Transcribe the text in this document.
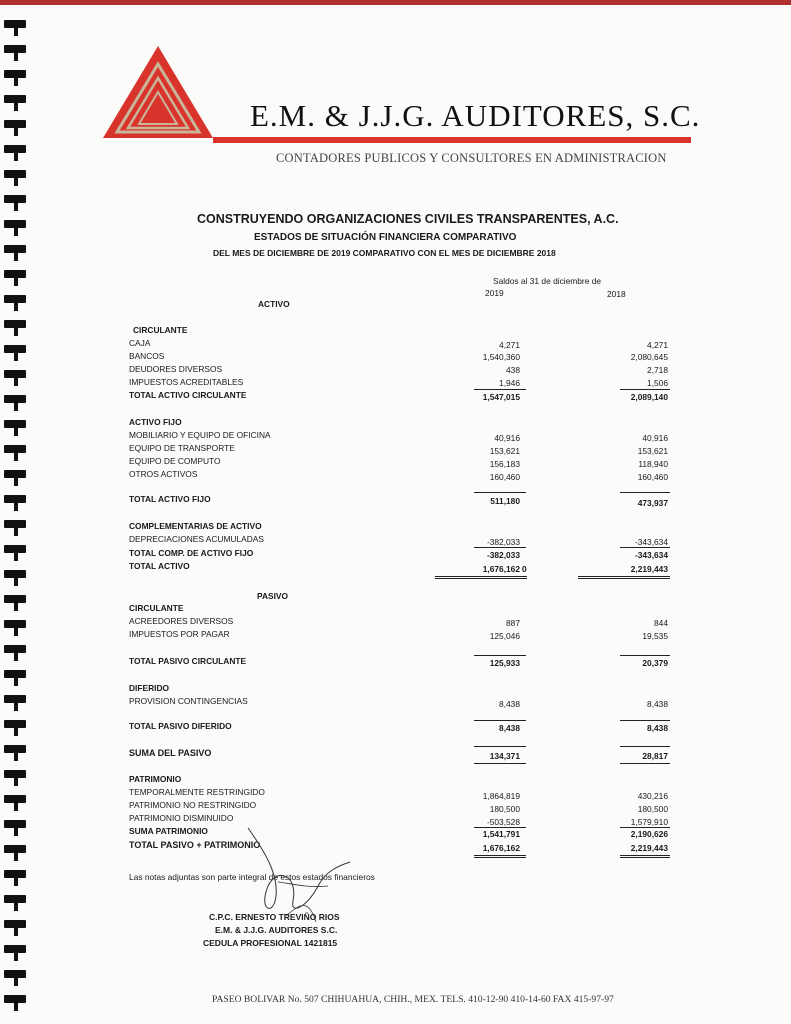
E.M. & J.J.G. AUDITORES, S.C.
CONTADORES PUBLICOS Y CONSULTORES EN ADMINISTRACION
CONSTRUYENDO ORGANIZACIONES CIVILES TRANSPARENTES, A.C.
ESTADOS DE SITUACIÓN FINANCIERA COMPARATIVO
DEL MES DE DICIEMBRE DE 2019 COMPARATIVO CON EL MES DE DICIEMBRE 2018
Saldos al 31 de diciembre de
2019	2018
ACTIVO
CIRCULANTE
CAJA	4,271	4,271
BANCOS	1,540,360	2,080,645
DEUDORES DIVERSOS	438	2,718
IMPUESTOS ACREDITABLES	1,946	1,506
TOTAL ACTIVO CIRCULANTE	1,547,015	2,089,140
ACTIVO FIJO
MOBILIARIO Y EQUIPO DE OFICINA	40,916	40,916
EQUIPO DE TRANSPORTE	153,621	153,621
EQUIPO DE COMPUTO	156,183	118,940
OTROS ACTIVOS	160,460	160,460
TOTAL ACTIVO FIJO	511,180	473,937
COMPLEMENTARIAS DE ACTIVO
DEPRECIACIONES ACUMULADAS	-382,033	-343,634
TOTAL COMP. DE ACTIVO FIJO	-382,033	-343,634
TOTAL ACTIVO	1,676,162 0	2,219,443
PASIVO
CIRCULANTE
ACREEDORES DIVERSOS	887	844
IMPUESTOS POR PAGAR	125,046	19,535
TOTAL PASIVO CIRCULANTE	125,933	20,379
DIFERIDO
PROVISION CONTINGENCIAS	8,438	8,438
TOTAL PASIVO DIFERIDO	8,438	8,438
SUMA DEL PASIVO	134,371	28,817
PATRIMONIO
TEMPORALMENTE RESTRINGIDO	1,864,819	430,216
PATRIMONIO NO RESTRINGIDO	180,500	180,500
PATRIMONIO DISMINUIDO	-503,528	1,579,910
SUMA PATRIMONIO	1,541,791	2,190,626
TOTAL PASIVO + PATRIMONIO	1,676,162	2,219,443
Las notas adjuntas son parte integral de estos estados financieros
C.P.C. ERNESTO TREVIÑO RIOS
E.M. & J.J.G. AUDITORES S.C.
CEDULA PROFESIONAL 1421815
PASEO BOLIVAR No. 507 CHIHUAHUA, CHIH., MEX. TELS. 410-12-90 410-14-60 FAX 415-97-97
